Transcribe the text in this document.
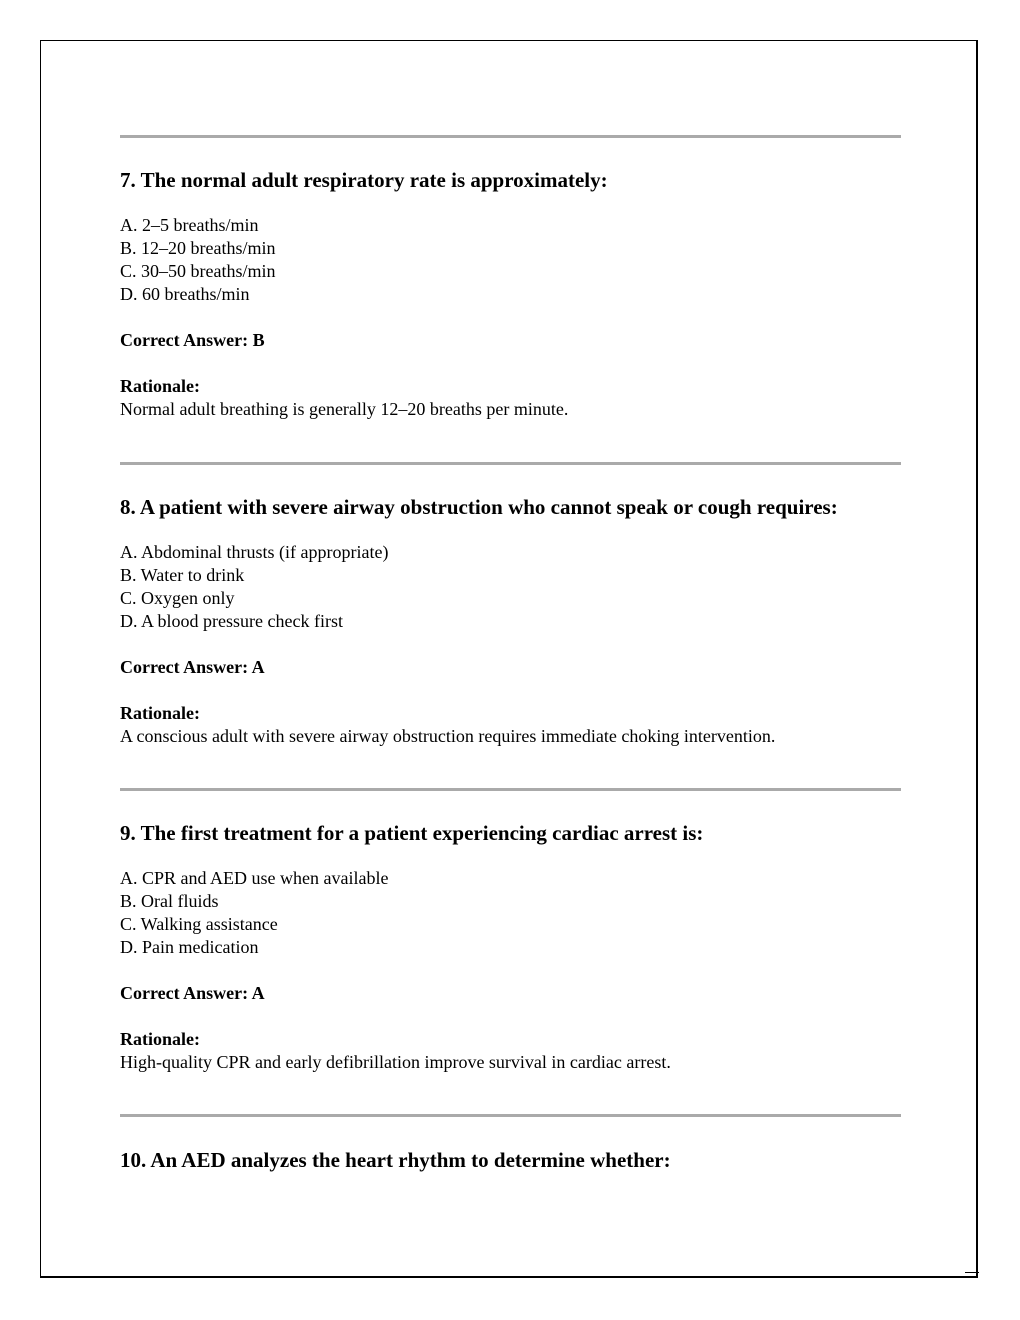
7. The normal adult respiratory rate is approximately:
A. 2–5 breaths/min
B. 12–20 breaths/min
C. 30–50 breaths/min
D. 60 breaths/min

Correct Answer: B

Rationale:

Normal adult breathing is generally 12–20 breaths per minute.

8. A patient with severe airway obstruction who cannot speak or cough requires:
A. Abdominal thrusts (if appropriate)
B. Water to drink
C. Oxygen only
D. A blood pressure check first

Correct Answer: A

Rationale:

A conscious adult with severe airway obstruction requires immediate choking intervention.

9. The first treatment for a patient experiencing cardiac arrest is:
A. CPR and AED use when available
B. Oral fluids
C. Walking assistance
D. Pain medication

Correct Answer: A

Rationale:

High-quality CPR and early defibrillation improve survival in cardiac arrest.

10. An AED analyzes the heart rhythm to determine whether:
